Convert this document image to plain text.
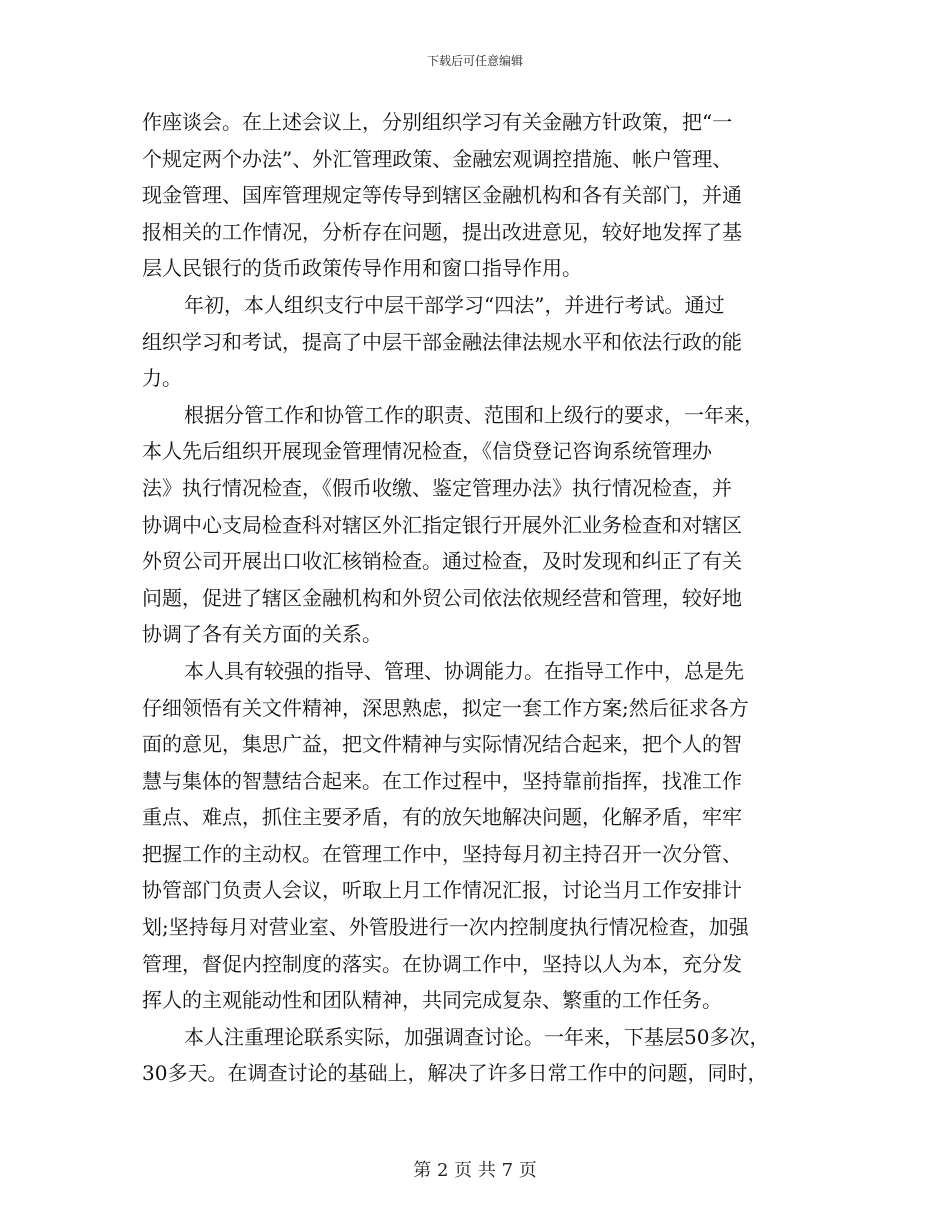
下载后可任意编辑
作座谈会。在上述会议上，分别组织学习有关金融方针政策，把“一
个规定两个办法”、外汇管理政策、金融宏观调控措施、帐户管理、
现金管理、国库管理规定等传导到辖区金融机构和各有关部门，并通
报相关的工作情况，分析存在问题，提出改进意见，较好地发挥了基
层人民银行的货币政策传导作用和窗口指导作用。
年初，本人组织支行中层干部学习“四法”，并进行考试。通过
组织学习和考试，提高了中层干部金融法律法规水平和依法行政的能
力。
根据分管工作和协管工作的职责、范围和上级行的要求，一年来，
本人先后组织开展现金管理情况检查，《信贷登记咨询系统管理办
法》执行情况检查，《假币收缴、鉴定管理办法》执行情况检查，并
协调中心支局检查科对辖区外汇指定银行开展外汇业务检查和对辖区
外贸公司开展出口收汇核销检查。通过检查，及时发现和纠正了有关
问题，促进了辖区金融机构和外贸公司依法依规经营和管理，较好地
协调了各有关方面的关系。
本人具有较强的指导、管理、协调能力。在指导工作中，总是先
仔细领悟有关文件精神，深思熟虑，拟定一套工作方案;然后征求各方
面的意见，集思广益，把文件精神与实际情况结合起来，把个人的智
慧与集体的智慧结合起来。在工作过程中，坚持靠前指挥，找准工作
重点、难点，抓住主要矛盾，有的放矢地解决问题，化解矛盾，牢牢
把握工作的主动权。在管理工作中，坚持每月初主持召开一次分管、
协管部门负责人会议，听取上月工作情况汇报，讨论当月工作安排计
划;坚持每月对营业室、外管股进行一次内控制度执行情况检查，加强
管理，督促内控制度的落实。在协调工作中，坚持以人为本，充分发
挥人的主观能动性和团队精神，共同完成复杂、繁重的工作任务。
本人注重理论联系实际，加强调查讨论。一年来，下基层50多次，
30多天。在调查讨论的基础上，解决了许多日常工作中的问题，同时，
第 2 页 共 7 页
